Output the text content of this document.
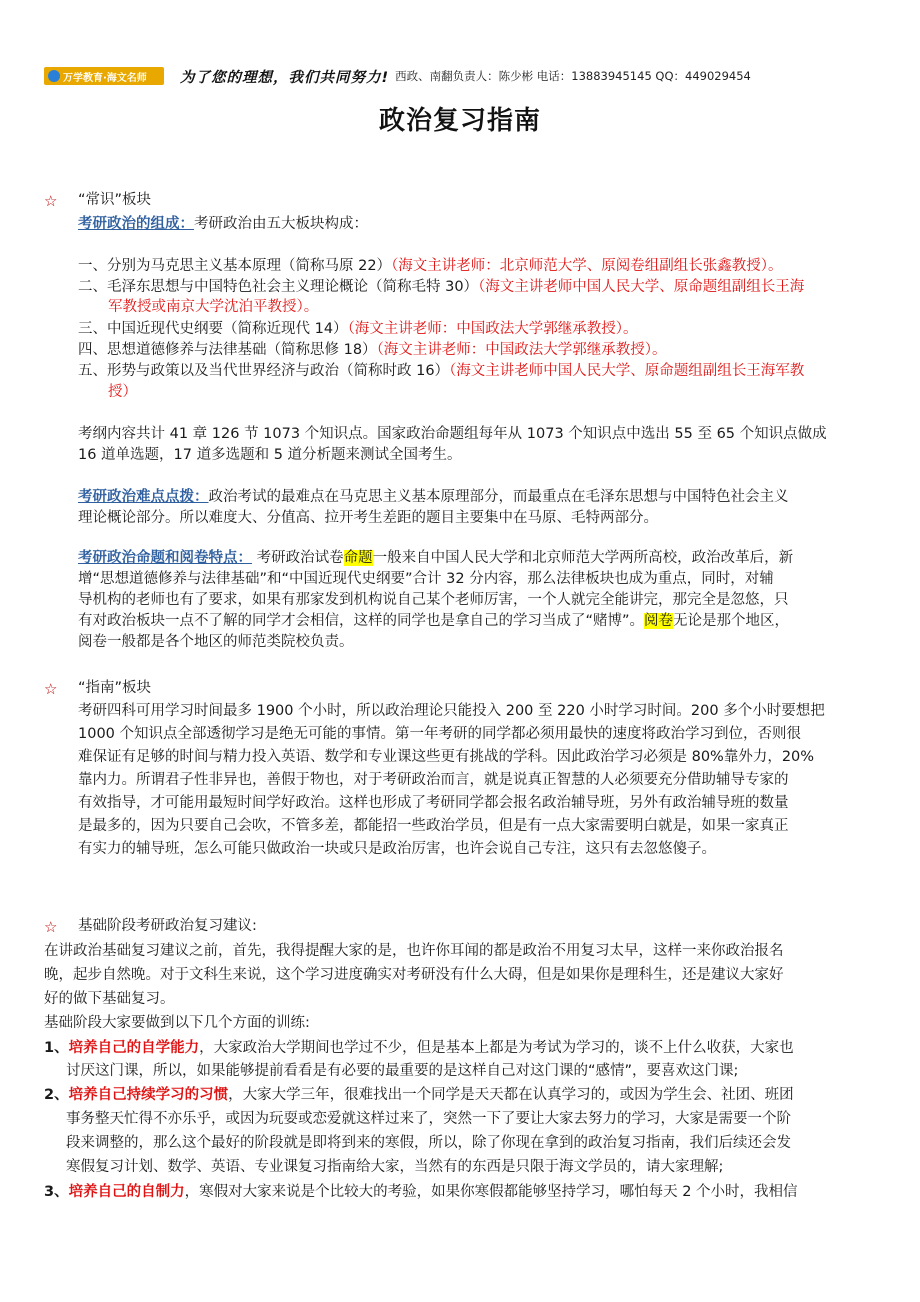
万学教育·海文名师 为了您的理想，我们共同努力! 西政、南翻负责人：陈少彬 电话：13883945145 QQ：449029454
政治复习指南
☆ “常识”板块
考研政治的组成：考研政治由五大板块构成：
一、分别为马克思主义基本原理（简称马原 22）（海文主讲老师：北京师范大学、原阅卷组副组长张鑫教授）。
二、毛泽东思想与中国特色社会主义理论概论（简称毛特 30）（海文主讲老师中国人民大学、原命题组副组长王海
军教授或南京大学沈泊平教授）。
三、中国近现代史纲要（简称近现代 14）（海文主讲老师：中国政法大学郭继承教授）。
四、思想道德修养与法律基础（简称思修 18）（海文主讲老师：中国政法大学郭继承教授）。
五、形势与政策以及当代世界经济与政治（简称时政 16）（海文主讲老师中国人民大学、原命题组副组长王海军教
授）
考纲内容共计 41 章 126 节 1073 个知识点。国家政治命题组每年从 1073 个知识点中选出 55 至 65 个知识点做成
16 道单选题，17 道多选题和 5 道分析题来测试全国考生。
考研政治难点点拨：政治考试的最难点在马克思主义基本原理部分，而最重点在毛泽东思想与中国特色社会主义
理论概论部分。所以难度大、分值高、拉开考生差距的题目主要集中在马原、毛特两部分。
考研政治命题和阅卷特点： 考研政治试卷命题一般来自中国人民大学和北京师范大学两所高校，政治改革后，新
增“思想道德修养与法律基础”和“中国近现代史纲要”合计 32 分内容，那么法律板块也成为重点，同时，对辅
导机构的老师也有了要求，如果有那家发到机构说自己某个老师厉害，一个人就完全能讲完，那完全是忽悠，只
有对政治板块一点不了解的同学才会相信，这样的同学也是拿自己的学习当成了“赌博”。阅卷无论是那个地区，
阅卷一般都是各个地区的师范类院校负责。
☆ “指南”板块
考研四科可用学习时间最多 1900 个小时，所以政治理论只能投入 200 至 220 小时学习时间。200 多个小时要想把
1000 个知识点全部透彻学习是绝无可能的事情。第一年考研的同学都必须用最快的速度将政治学习到位，否则很
难保证有足够的时间与精力投入英语、数学和专业课这些更有挑战的学科。因此政治学习必须是 80%靠外力，20%
靠内力。所谓君子性非异也，善假于物也，对于考研政治而言，就是说真正智慧的人必须要充分借助辅导专家的
有效指导，才可能用最短时间学好政治。这样也形成了考研同学都会报名政治辅导班，另外有政治辅导班的数量
是最多的，因为只要自己会吹，不管多差，都能招一些政治学员，但是有一点大家需要明白就是，如果一家真正
有实力的辅导班，怎么可能只做政治一块或只是政治厉害，也许会说自己专注，这只有去忽悠傻子。
☆ 基础阶段考研政治复习建议:
在讲政治基础复习建议之前，首先，我得提醒大家的是，也许你耳闻的都是政治不用复习太早，这样一来你政治报名
晚，起步自然晚。对于文科生来说，这个学习进度确实对考研没有什么大碍，但是如果你是理科生，还是建议大家好
好的做下基础复习。
基础阶段大家要做到以下几个方面的训练:
1、培养自己的自学能力，大家政治大学期间也学过不少，但是基本上都是为考试为学习的，谈不上什么收获，大家也
讨厌这门课，所以，如果能够提前看看是有必要的最重要的是这样自己对这门课的“感情”，要喜欢这门课;
2、培养自己持续学习的习惯，大家大学三年，很难找出一个同学是天天都在认真学习的，或因为学生会、社团、班团
事务整天忙得不亦乐乎，或因为玩耍或恋爱就这样过来了，突然一下了要让大家去努力的学习，大家是需要一个阶
段来调整的，那么这个最好的阶段就是即将到来的寒假，所以，除了你现在拿到的政治复习指南，我们后续还会发
寒假复习计划、数学、英语、专业课复习指南给大家，当然有的东西是只限于海文学员的，请大家理解;
3、培养自己的自制力，寒假对大家来说是个比较大的考验，如果你寒假都能够坚持学习，哪怕每天 2 个小时，我相信
